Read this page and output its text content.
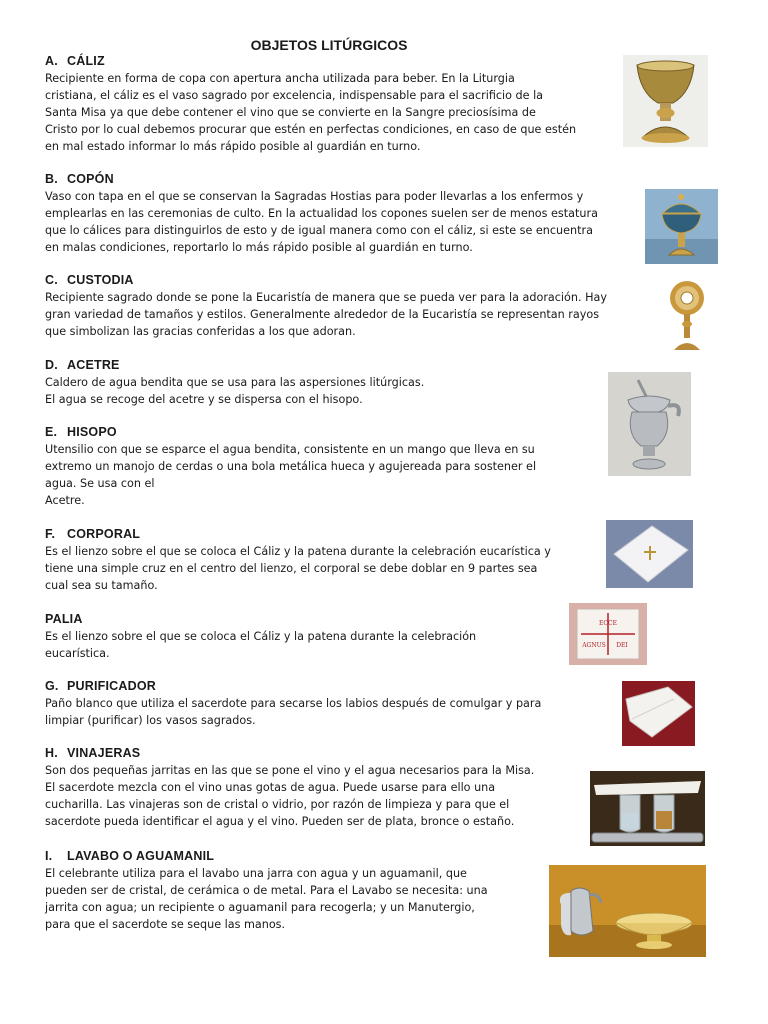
OBJETOS LITÚRGICOS
A. CÁLIZ
Recipiente en forma de copa con apertura ancha utilizada para beber. En la Liturgia
cristiana, el cáliz es el vaso sagrado por excelencia, indispensable para el sacrificio de la
Santa Misa ya que debe contener el vino que se convierte en la Sangre preciosísima de
Cristo por lo cual debemos procurar que estén en perfectas condiciones, en caso de que estén
en mal estado informar lo más rápido posible al guardián en turno.
B. COPÓN
Vaso con tapa en el que se conservan la Sagradas Hostias para poder llevarlas a los enfermos y
emplearlas en las ceremonias de culto. En la actualidad los copones suelen ser de menos estatura
que lo cálices para distinguirlos de esto y de igual manera como con el cáliz, si este se encuentra
en malas condiciones, reportarlo lo más rápido posible al guardián en turno.
C. CUSTODIA
Recipiente sagrado donde se pone la Eucaristía de manera que se pueda ver para la adoración. Hay
gran variedad de tamaños y estilos. Generalmente alrededor de la Eucaristía se representan rayos
que simbolizan las gracias conferidas a los que adoran.
D. ACETRE
Caldero de agua bendita que se usa para las aspersiones litúrgicas.
El agua se recoge del acetre y se dispersa con el hisopo.
E. HISOPO
Utensilio con que se esparce el agua bendita, consistente en un mango que lleva en su
extremo un manojo de cerdas o una bola metálica hueca y agujereada para sostener el
agua. Se usa con el
Acetre.
F. CORPORAL
Es el lienzo sobre el que se coloca el Cáliz y la patena durante la celebración eucarística y
tiene una simple cruz en el centro del lienzo, el corporal se debe doblar en 9 partes sea
cual sea su tamaño.
PALIA
Es el lienzo sobre el que se coloca el Cáliz y la patena durante la celebración
eucarística.
G. PURIFICADOR
Paño blanco que utiliza el sacerdote para secarse los labios después de comulgar y para
limpiar (purificar) los vasos sagrados.
H. VINAJERAS
Son dos pequeñas jarritas en las que se pone el vino y el agua necesarios para la Misa.
El sacerdote mezcla con el vino unas gotas de agua. Puede usarse para ello una
cucharilla. Las vinajeras son de cristal o vidrio, por razón de limpieza y para que el
sacerdote pueda identificar el agua y el vino. Pueden ser de plata, bronce o estaño.
I. LAVABO O AGUAMANIL
El celebrante utiliza para el lavabo una jarra con agua y un aguamanil, que
pueden ser de cristal, de cerámica o de metal. Para el Lavabo se necesita: una
jarrita con agua; un recipiente o aguamanil para recogerla; y un Manutergio,
para que el sacerdote se seque las manos.
ECCE
AGNUS DEI
